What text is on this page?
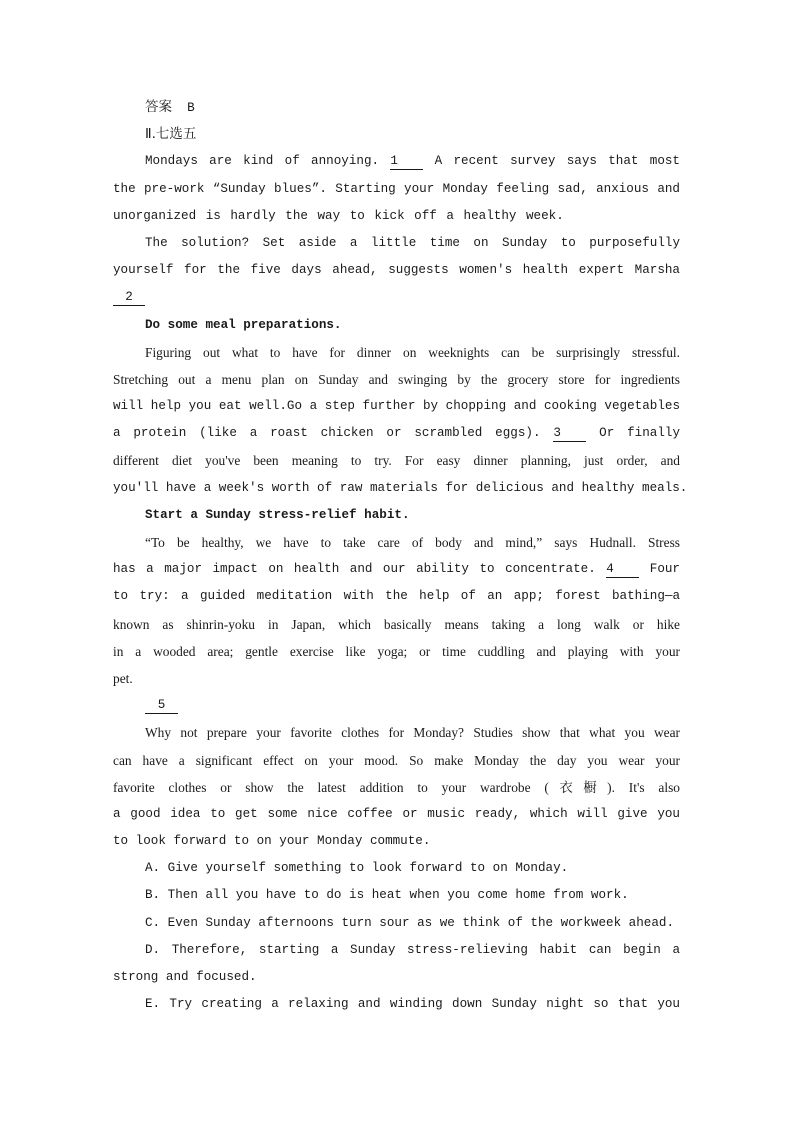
答案 B
Ⅱ.七选五
Mondays are kind of annoying. 1	A recent survey says that most
the pre-work “Sunday blues”. Starting your Monday feeling sad, anxious and
unorganized is hardly the way to kick off a healthy week.
The solution? Set aside a little time on Sunday to purposefully
yourself for the five days ahead, suggests women's health expert Marsha
2
Do some meal preparations.
Figuring out what to have for dinner on weeknights can be surprisingly stressful.
Stretching out a menu plan on Sunday and swinging by the grocery store for ingredients
will help you eat well.Go a step further by chopping and cooking vegetables
a protein (like a roast chicken or scrambled eggs). 3	Or finally
different diet you've been meaning to try. For easy dinner planning, just order, and
you'll have a week's worth of raw materials for delicious and healthy meals.
Start a Sunday stress-relief habit.
“To be healthy, we have to take care of body and mind,” says Hudnall. Stress
has a major impact on health and our ability to concentrate. 4	Four
to try: a guided meditation with the help of an app; forest bathing—a
known as shinrin-yoku in Japan, which basically means taking a long walk or hike
in a wooded area; gentle exercise like yoga; or time cuddling and playing with your
pet.
5
Why not prepare your favorite clothes for Monday? Studies show that what you wear
can have a significant effect on your mood. So make Monday the day you wear your
favorite clothes or show the latest addition to your wardrobe (衣橱). It's also
a good idea to get some nice coffee or music ready, which will give you
to look forward to on your Monday commute.
A. Give yourself something to look forward to on Monday.
B. Then all you have to do is heat when you come home from work.
C. Even Sunday afternoons turn sour as we think of the workweek ahead.
D. Therefore, starting a Sunday stress-relieving habit can begin a
strong and focused.
E. Try creating a relaxing and winding down Sunday night so that you
